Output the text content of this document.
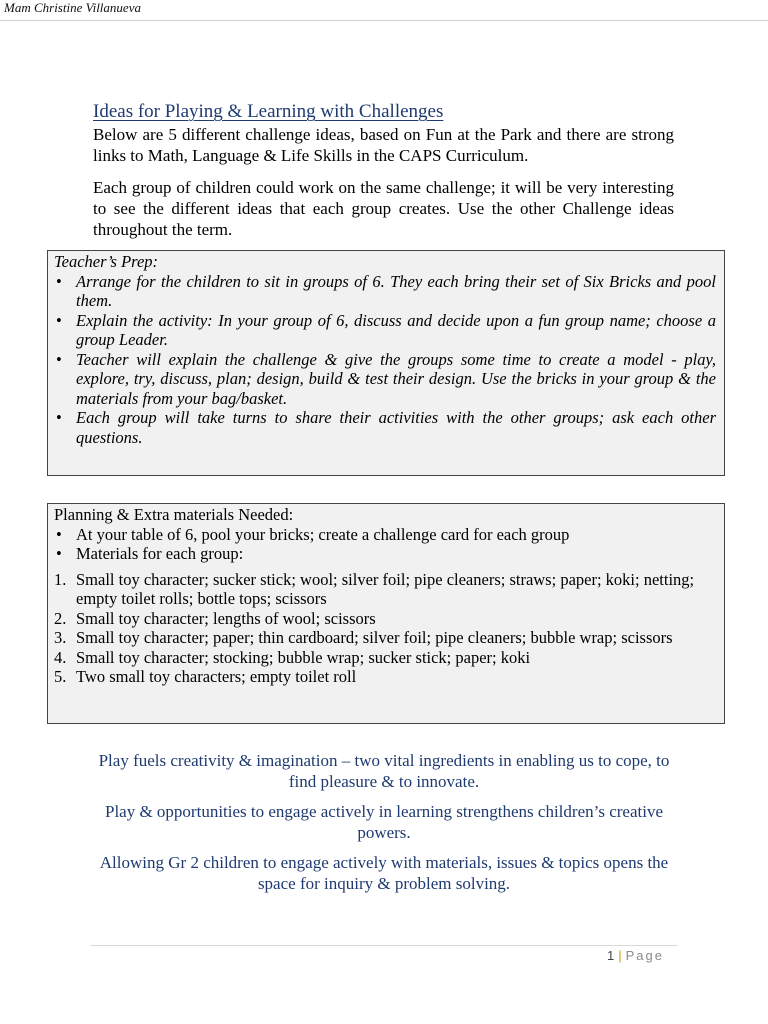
Mam Christine Villanueva
Ideas for Playing & Learning with Challenges
Below are 5 different challenge ideas, based on Fun at the Park and there are strong links to Math, Language & Life Skills in the CAPS Curriculum.
Each group of children could work on the same challenge; it will be very interesting to see the different ideas that each group creates. Use the other Challenge ideas throughout the term.
Teacher’s Prep:
• Arrange for the children to sit in groups of 6. They each bring their set of Six Bricks and pool them.
• Explain the activity: In your group of 6, discuss and decide upon a fun group name; choose a group Leader.
• Teacher will explain the challenge & give the groups some time to create a model - play, explore, try, discuss, plan; design, build & test their design. Use the bricks in your group & the materials from your bag/basket.
• Each group will take turns to share their activities with the other groups; ask each other questions.
Planning & Extra materials Needed:
• At your table of 6, pool your bricks; create a challenge card for each group
• Materials for each group:
1. Small toy character; sucker stick; wool; silver foil; pipe cleaners; straws; paper; koki; netting; empty toilet rolls; bottle tops; scissors
2. Small toy character; lengths of wool; scissors
3. Small toy character; paper; thin cardboard; silver foil; pipe cleaners; bubble wrap; scissors
4. Small toy character; stocking; bubble wrap; sucker stick; paper; koki
5. Two small toy characters; empty toilet roll

Play fuels creativity & imagination – two vital ingredients in enabling us to cope, to find pleasure & to innovate.

Play & opportunities to engage actively in learning strengthens children’s creative powers.

Allowing Gr 2 children to engage actively with materials, issues & topics opens the space for inquiry & problem solving.

1 | Page
